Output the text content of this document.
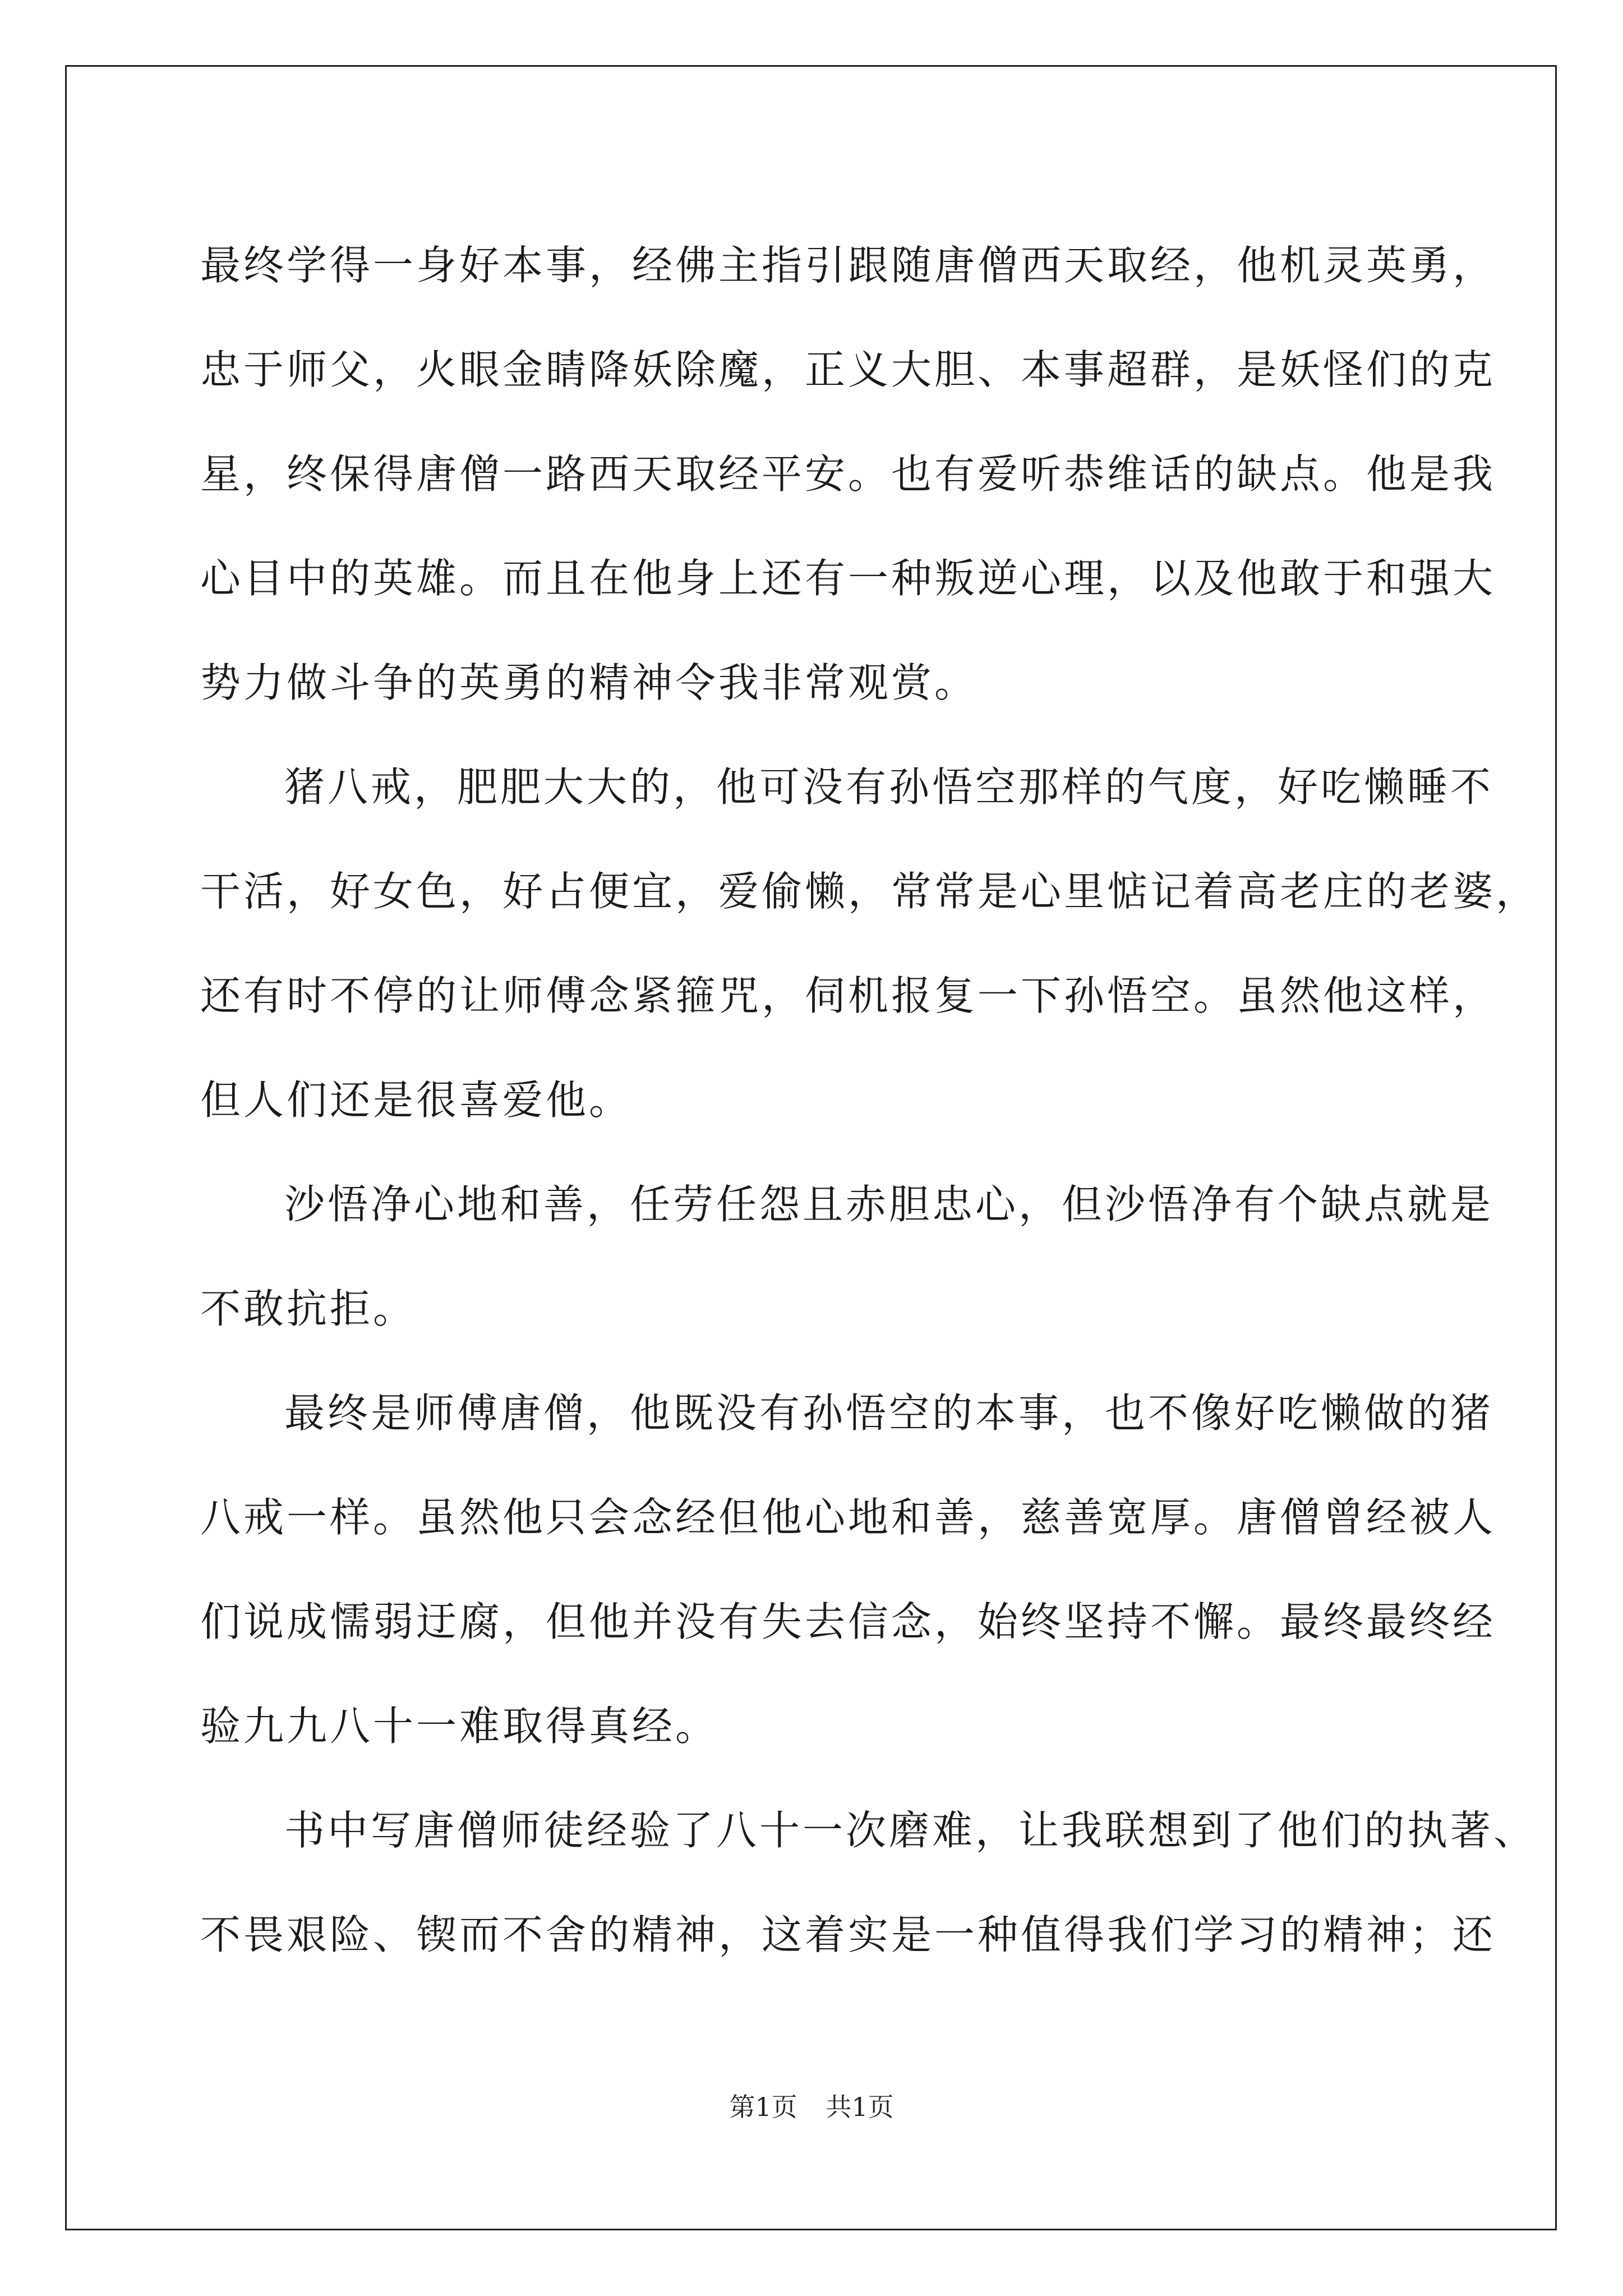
最终学得一身好本事，经佛主指引跟随唐僧西天取经，他机灵英勇，
忠于师父，火眼金睛降妖除魔，正义大胆、本事超群，是妖怪们的克
星，终保得唐僧一路西天取经平安。也有爱听恭维话的缺点。他是我
心目中的英雄。而且在他身上还有一种叛逆心理，以及他敢于和强大
势力做斗争的英勇的精神令我非常观赏。
猪八戒，肥肥大大的，他可没有孙悟空那样的气度，好吃懒睡不
干活，好女色，好占便宜，爱偷懒，常常是心里惦记着高老庄的老婆，
还有时不停的让师傅念紧箍咒，伺机报复一下孙悟空。虽然他这样，
但人们还是很喜爱他。
沙悟净心地和善，任劳任怨且赤胆忠心，但沙悟净有个缺点就是
不敢抗拒。
最终是师傅唐僧，他既没有孙悟空的本事，也不像好吃懒做的猪
八戒一样。虽然他只会念经但他心地和善，慈善宽厚。唐僧曾经被人
们说成懦弱迂腐，但他并没有失去信念，始终坚持不懈。最终最终经
验九九八十一难取得真经。
书中写唐僧师徒经验了八十一次磨难，让我联想到了他们的执著、
不畏艰险、锲而不舍的精神，这着实是一种值得我们学习的精神；还
第1页 共1页
